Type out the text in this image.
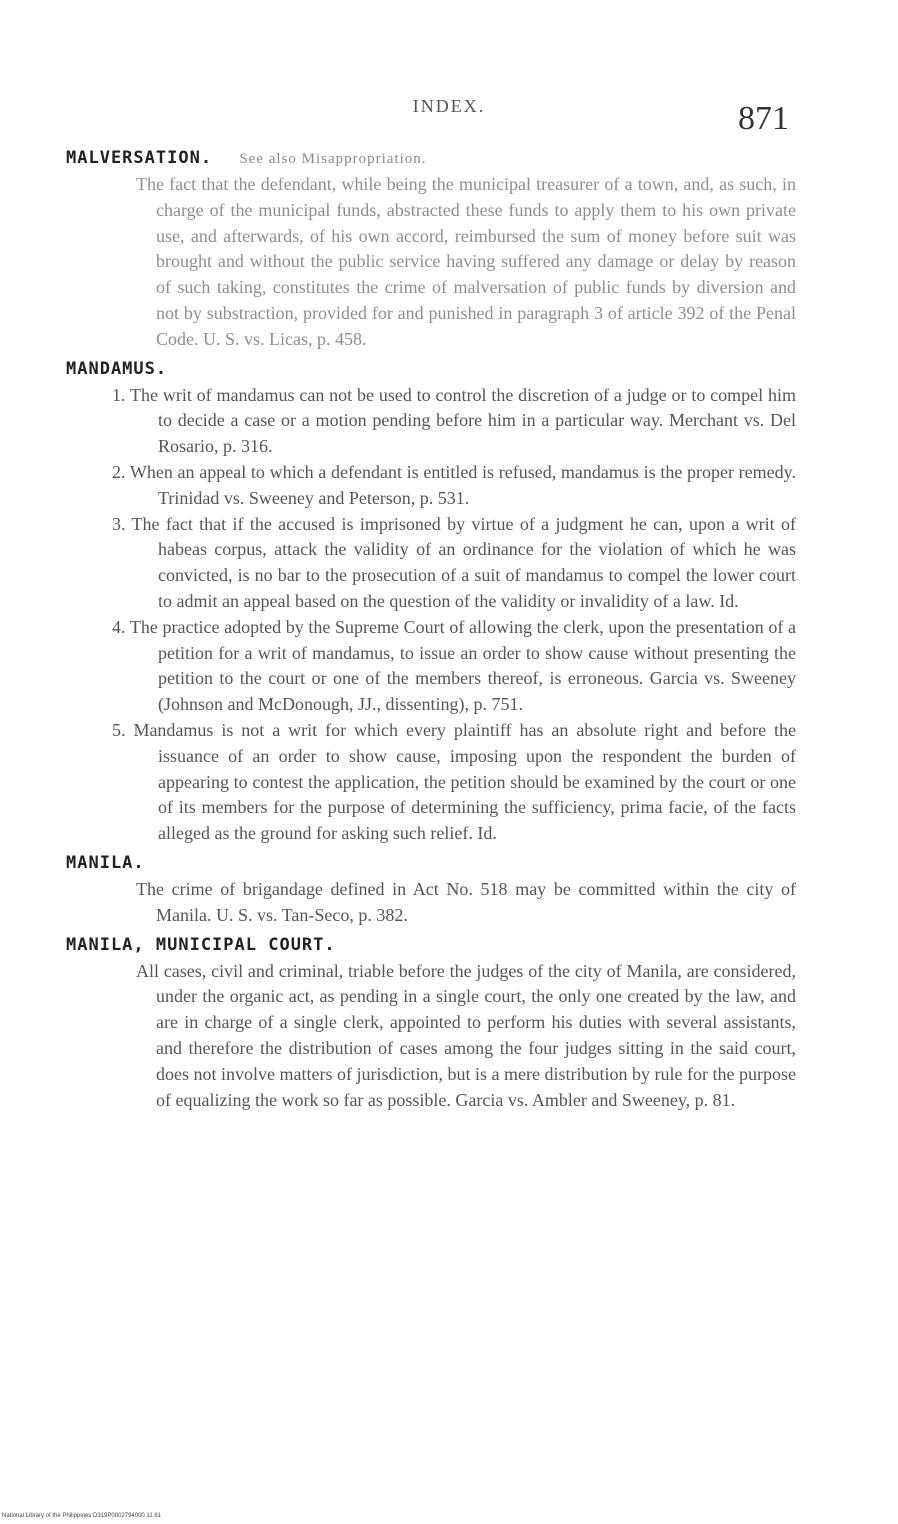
INDEX.	871
MALVERSATION. See also Misappropriation.
The fact that the defendant, while being the municipal treasurer of a town, and, as such, in charge of the municipal funds, abstracted these funds to apply them to his own private use, and afterwards, of his own accord, reimbursed the sum of money before suit was brought and without the public service having suffered any damage or delay by reason of such taking, constitutes the crime of malversation of public funds by diversion and not by substraction, provided for and punished in paragraph 3 of article 392 of the Penal Code. U. S. vs. Licas, p. 458.
MANDAMUS.
1. The writ of mandamus can not be used to control the discretion of a judge or to compel him to decide a case or a motion pending before him in a particular way. Merchant vs. Del Rosario, p. 316.
2. When an appeal to which a defendant is entitled is refused, mandamus is the proper remedy. Trinidad vs. Sweeney and Peterson, p. 531.
3. The fact that if the accused is imprisoned by virtue of a judgment he can, upon a writ of habeas corpus, attack the validity of an ordinance for the violation of which he was convicted, is no bar to the prosecution of a suit of mandamus to compel the lower court to admit an appeal based on the question of the validity or invalidity of a law. Id.
4. The practice adopted by the Supreme Court of allowing the clerk, upon the presentation of a petition for a writ of mandamus, to issue an order to show cause without presenting the petition to the court or one of the members thereof, is erroneous. Garcia vs. Sweeney (Johnson and McDonough, JJ., dissenting), p. 751.
5. Mandamus is not a writ for which every plaintiff has an absolute right and before the issuance of an order to show cause, imposing upon the respondent the burden of appearing to contest the application, the petition should be examined by the court or one of its members for the purpose of determining the sufficiency, prima facie, of the facts alleged as the ground for asking such relief. Id.
MANILA.
The crime of brigandage defined in Act No. 518 may be committed within the city of Manila. U. S. vs. Tan-Seco, p. 382.
MANILA, MUNICIPAL COURT.
All cases, civil and criminal, triable before the judges of the city of Manila, are considered, under the organic act, as pending in a single court, the only one created by the law, and are in charge of a single clerk, appointed to perform his duties with several assistants, and therefore the distribution of cases among the four judges sitting in the said court, does not involve matters of jurisdiction, but is a mere distribution by rule for the purpose of equalizing the work so far as possible. Garcia vs. Ambler and Sweeney, p. 81.
National Library of the Philippines D319P0002794000 11 81
